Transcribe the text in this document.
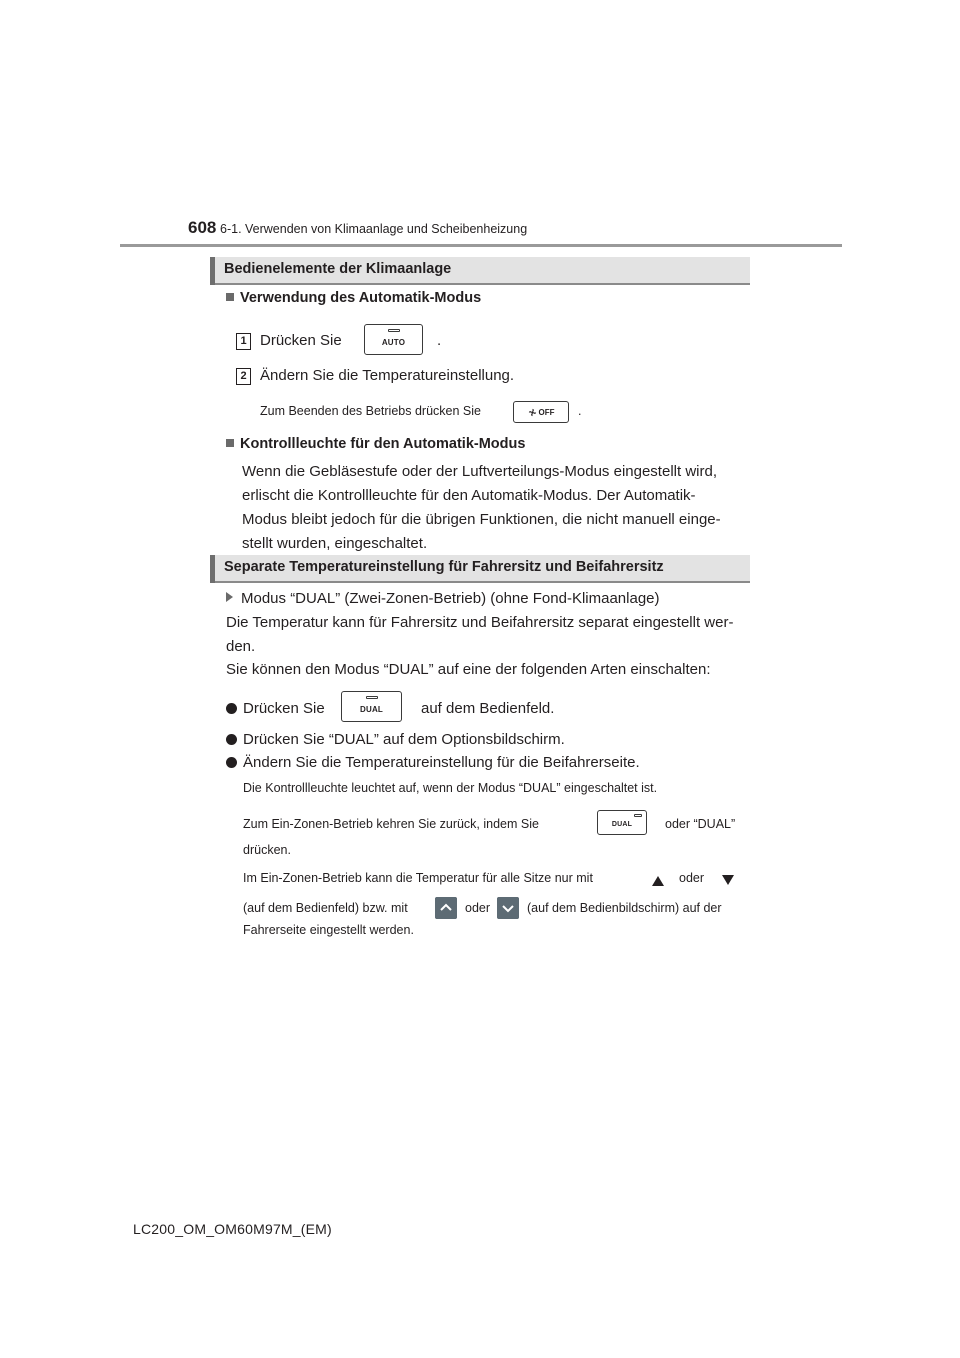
608 6-1. Verwenden von Klimaanlage und Scheibenheizung
Bedienelemente der Klimaanlage
Verwendung des Automatik-Modus
1 Drücken Sie	AUTO .
2 Ändern Sie die Temperatureinstellung.
Zum Beenden des Betriebs drücken Sie	OFF .
Kontrollleuchte für den Automatik-Modus
Wenn die Gebläsestufe oder der Luftverteilungs-Modus eingestellt wird,
erlischt die Kontrollleuchte für den Automatik-Modus. Der Automatik-
Modus bleibt jedoch für die übrigen Funktionen, die nicht manuell einge-
stellt wurden, eingeschaltet.
Separate Temperatureinstellung für Fahrersitz und Beifahrersitz
Modus “DUAL” (Zwei-Zonen-Betrieb) (ohne Fond-Klimaanlage)
Die Temperatur kann für Fahrersitz und Beifahrersitz separat eingestellt wer-
den.
Sie können den Modus “DUAL” auf eine der folgenden Arten einschalten:
Drücken Sie	DUAL	auf dem Bedienfeld.
Drücken Sie “DUAL” auf dem Optionsbildschirm.
Ändern Sie die Temperatureinstellung für die Beifahrerseite.
Die Kontrollleuchte leuchtet auf, wenn der Modus “DUAL” eingeschaltet ist.
Zum Ein-Zonen-Betrieb kehren Sie zurück, indem Sie	DUAL	oder “DUAL”
drücken.
Im Ein-Zonen-Betrieb kann die Temperatur für alle Sitze nur mit	oder
(auf dem Bedienfeld) bzw. mit	oder	(auf dem Bedienbildschirm) auf der
Fahrerseite eingestellt werden.
LC200_OM_OM60M97M_(EM)
